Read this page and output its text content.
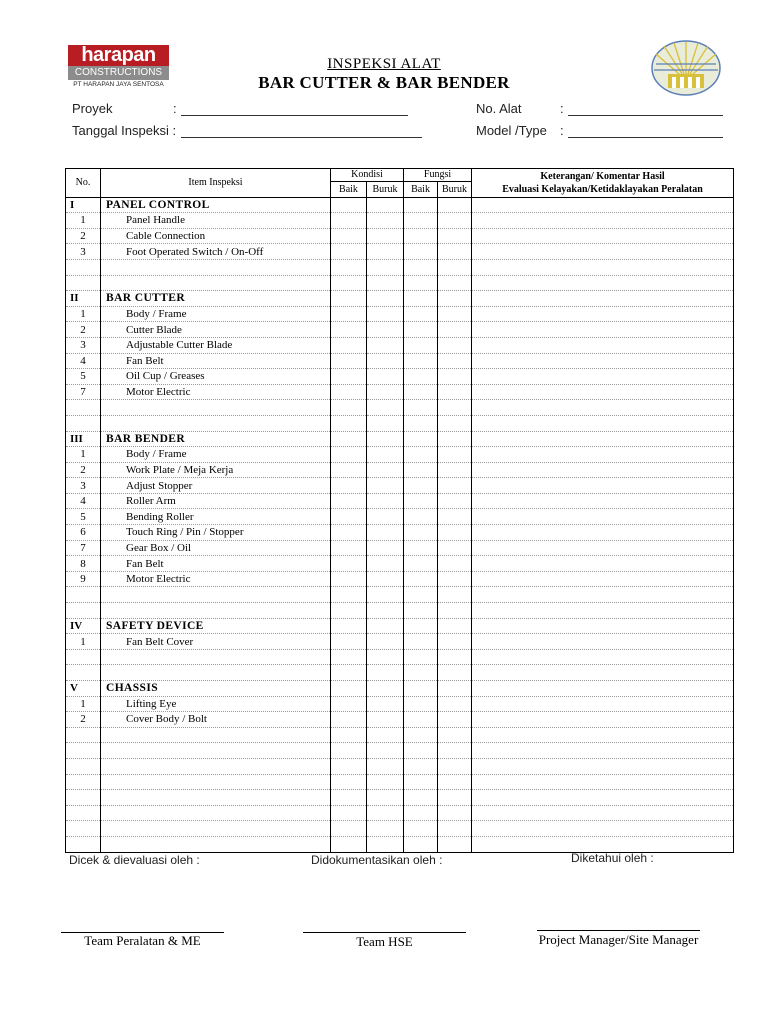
harapan
CONSTRUCTIONS
PT HARAPAN JAYA SENTOSA
INSPEKSI ALAT
BAR CUTTER & BAR BENDER
Proyek	:
Tanggal Inspeksi :
No. Alat	:
Model /Type :
No.	Item Inspeksi	Kondisi		Fungsi		Keterangan/ Komentar Hasil
Evaluasi Kelayakan/Ketidaklayakan Peralatan

		Baik	Buruk	Baik	Buruk	
I	PANEL CONTROL					
1	Panel Handle					
2	Cable Connection					
3	Foot Operated Switch / On-Off					

II	BAR CUTTER					
1	Body / Frame					
2	Cutter Blade					
3	Adjustable Cutter Blade					
4	Fan Belt					
5	Oil Cup / Greases					
7	Motor Electric					

III	BAR BENDER					
1	Body / Frame					
2	Work Plate / Meja Kerja					
3	Adjust Stopper					
4	Roller Arm					
5	Bending Roller					
6	Touch Ring / Pin / Stopper					
7	Gear Box / Oil					
8	Fan Belt					
9	Motor Electric					

IV	SAFETY DEVICE					
1	Fan Belt Cover					

V	CHASSIS					
1	Lifting Eye					
2	Cover Body / Bolt					

Dicek & dievaluasi oleh :	Didokumentasikan oleh :	Diketahui oleh :
Team Peralatan & ME	Team HSE	Project Manager/Site Manager
